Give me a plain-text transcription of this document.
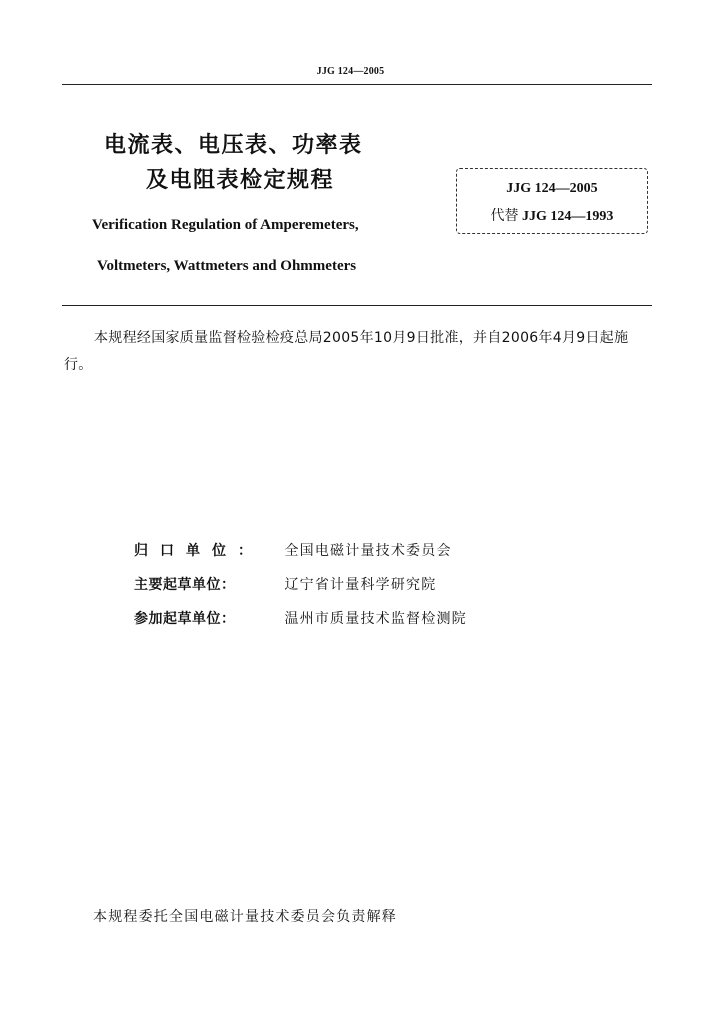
JJG 124—2005
电流表、电压表、功率表
及电阻表检定规程
Verification Regulation of Amperemeters,
Voltmeters, Wattmeters and Ohmmeters
JJG 124—2005
代替 JJG 124—1993
本规程经国家质量监督检验检疫总局2005年10月9日批准，并自2006年4月9日起施行。
归口单位： 全国电磁计量技术委员会
主要起草单位：	辽宁省计量科学研究院
参加起草单位：	温州市质量技术监督检测院
本规程委托全国电磁计量技术委员会负责解释
